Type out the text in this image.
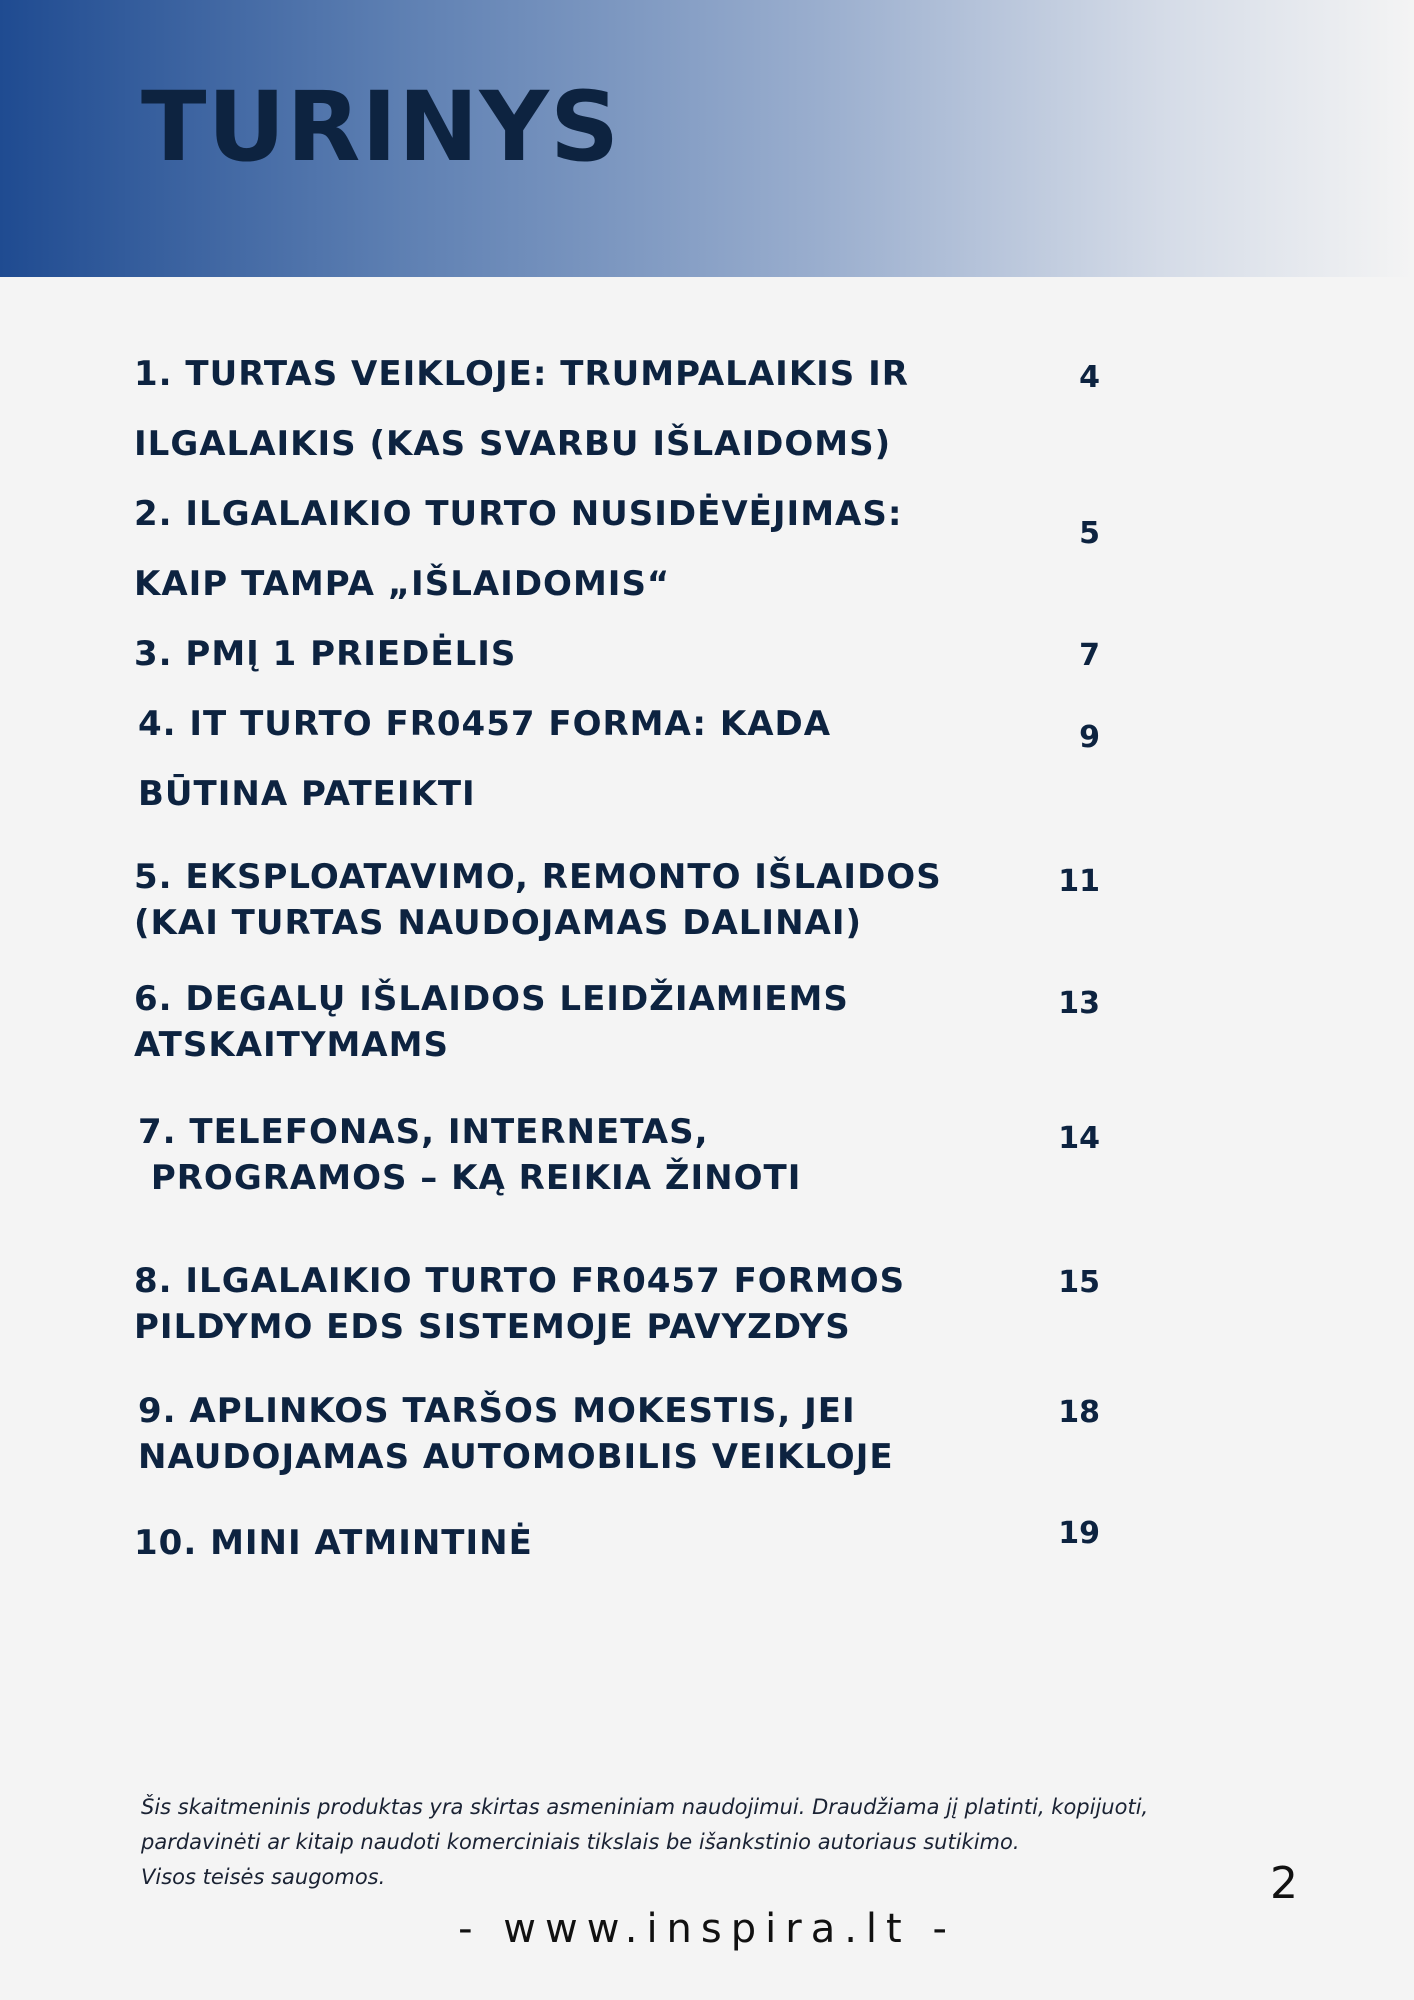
TURINYS

1. TURTAS VEIKLOJE: TRUMPALAIKIS IR

ILGALAIKIS (KAS SVARBU IŠLAIDOMS)

4

2. ILGALAIKIO TURTO NUSIDĖVĖJIMAS:

KAIP TAMPA „IŠLAIDOMIS“

5

3. PMĮ 1 PRIEDĖLIS	7

4. IT TURTO FR0457 FORMA: KADA

BŪTINA PATEIKTI

9

5. EKSPLOATAVIMO, REMONTO IŠLAIDOS

(KAI TURTAS NAUDOJAMAS DALINAI)

11

6. DEGALŲ IŠLAIDOS LEIDŽIAMIEMS

ATSKAITYMAMS

13

7. TELEFONAS, INTERNETAS,

PROGRAMOS – KĄ REIKIA ŽINOTI

14

8. ILGALAIKIO TURTO FR0457 FORMOS

PILDYMO EDS SISTEMOJE PAVYZDYS

15

9. APLINKOS TARŠOS MOKESTIS, JEI

NAUDOJAMAS AUTOMOBILIS VEIKLOJE

18

10. MINI ATMINTINĖ	19

Šis skaitmeninis produktas yra skirtas asmeniniam naudojimui. Draudžiama jį platinti, kopijuoti,
pardavinėti ar kitaip naudoti komerciniais tikslais be išankstinio autoriaus sutikimo.
Visos teisės saugomos.	2
- www.inspira.lt -
